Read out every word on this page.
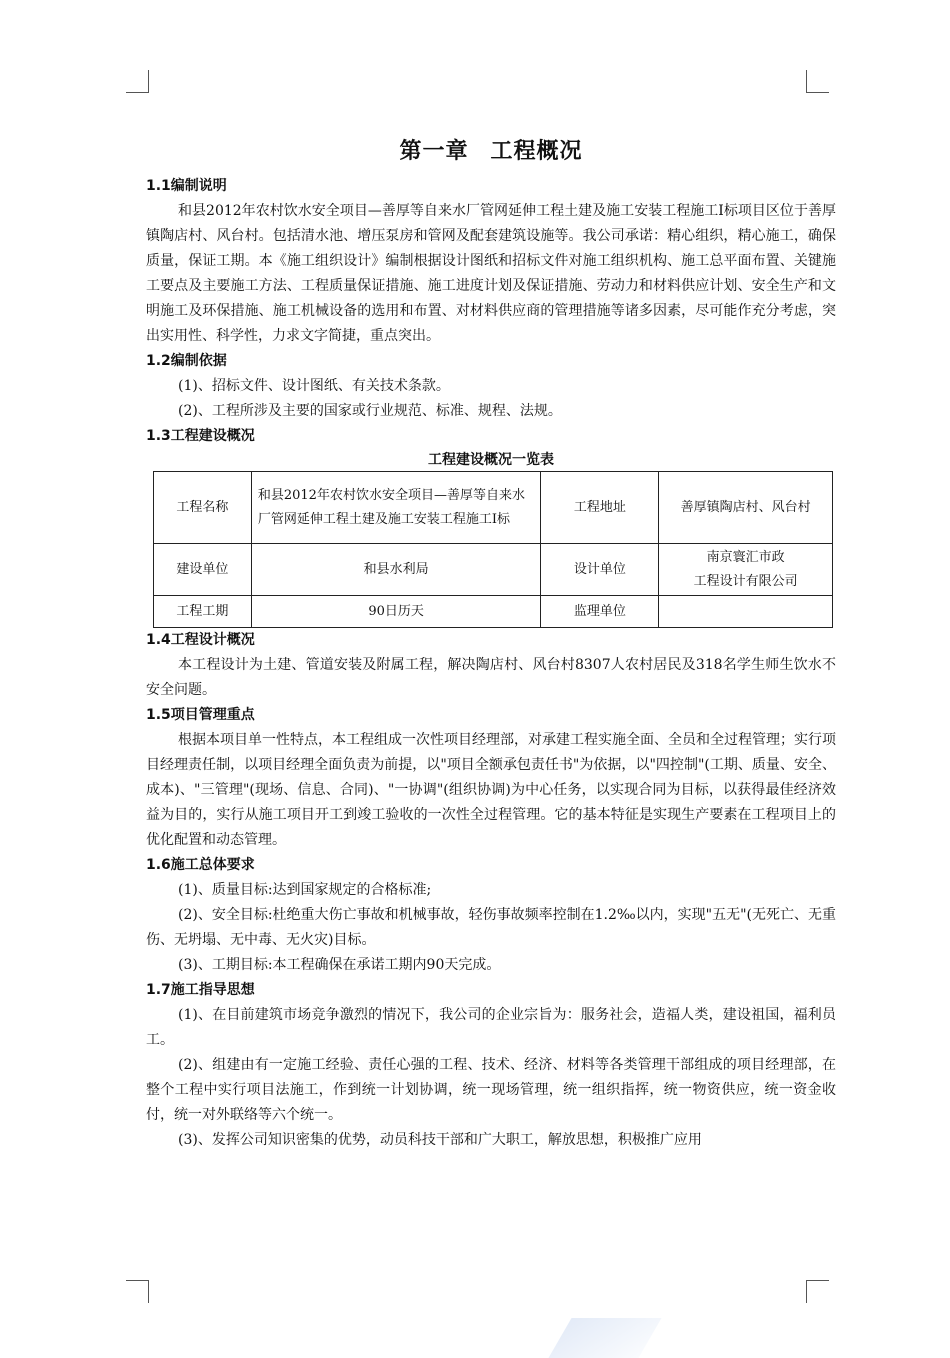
第一章 工程概况
1.1编制说明

和县2012年农村饮水安全项目—善厚等自来水厂管网延伸工程土建及施工安装工程施工Ⅰ标项目区位于善厚镇陶店村、风台村。包括清水池、增压泵房和管网及配套建筑设施等。我公司承诺：精心组织，精心施工，确保质量，保证工期。本《施工组织设计》编制根据设计图纸和招标文件对施工组织机构、施工总平面布置、关键施工要点及主要施工方法、工程质量保证措施、施工进度计划及保证措施、劳动力和材料供应计划、安全生产和文明施工及环保措施、施工机械设备的选用和布置、对材料供应商的管理措施等诸多因素，尽可能作充分考虑，突出实用性、科学性，力求文字简捷，重点突出。

1.2编制依据

(1)、招标文件、设计图纸、有关技术条款。

(2)、工程所涉及主要的国家或行业规范、标准、规程、法规。

1.3工程建设概况
工程建设概况一览表
工程名称	和县2012年农村饮水安全项目—善厚等自来水厂管网延伸工程土建及施工安装工程施工Ⅰ标	工程地址	善厚镇陶店村、风台村
建设单位	和县水利局	设计单位	南京寰汇市政
工程设计有限公司

工程工期	90日历天	监理单位	
1.4工程设计概况

本工程设计为土建、管道安装及附属工程，解决陶店村、风台村8307人农村居民及318名学生师生饮水不安全问题。

1.5项目管理重点

根据本项目单一性特点，本工程组成一次性项目经理部，对承建工程实施全面、全员和全过程管理；实行项目经理责任制，以项目经理全面负责为前提，以"项目全额承包责任书"为依据，以"四控制"(工期、质量、安全、成本)、"三管理"(现场、信息、合同)、"一协调"(组织协调)为中心任务，以实现合同为目标，以获得最佳经济效益为目的，实行从施工项目开工到竣工验收的一次性全过程管理。它的基本特征是实现生产要素在工程项目上的优化配置和动态管理。

1.6施工总体要求

(1)、质量目标:达到国家规定的合格标准;

(2)、安全目标:杜绝重大伤亡事故和机械事故，轻伤事故频率控制在1.2‰以内，实现"五无"(无死亡、无重伤、无坍塌、无中毒、无火灾)目标。

(3)、工期目标:本工程确保在承诺工期内90天完成。

1.7施工指导思想

(1)、在目前建筑市场竞争激烈的情况下，我公司的企业宗旨为：服务社会，造福人类，建设祖国，福利员工。

(2)、组建由有一定施工经验、责任心强的工程、技术、经济、材料等各类管理干部组成的项目经理部，在整个工程中实行项目法施工，作到统一计划协调，统一现场管理，统一组织指挥，统一物资供应，统一资金收付，统一对外联络等六个统一。

(3)、发挥公司知识密集的优势，动员科技干部和广大职工，解放思想，积极推广应用
